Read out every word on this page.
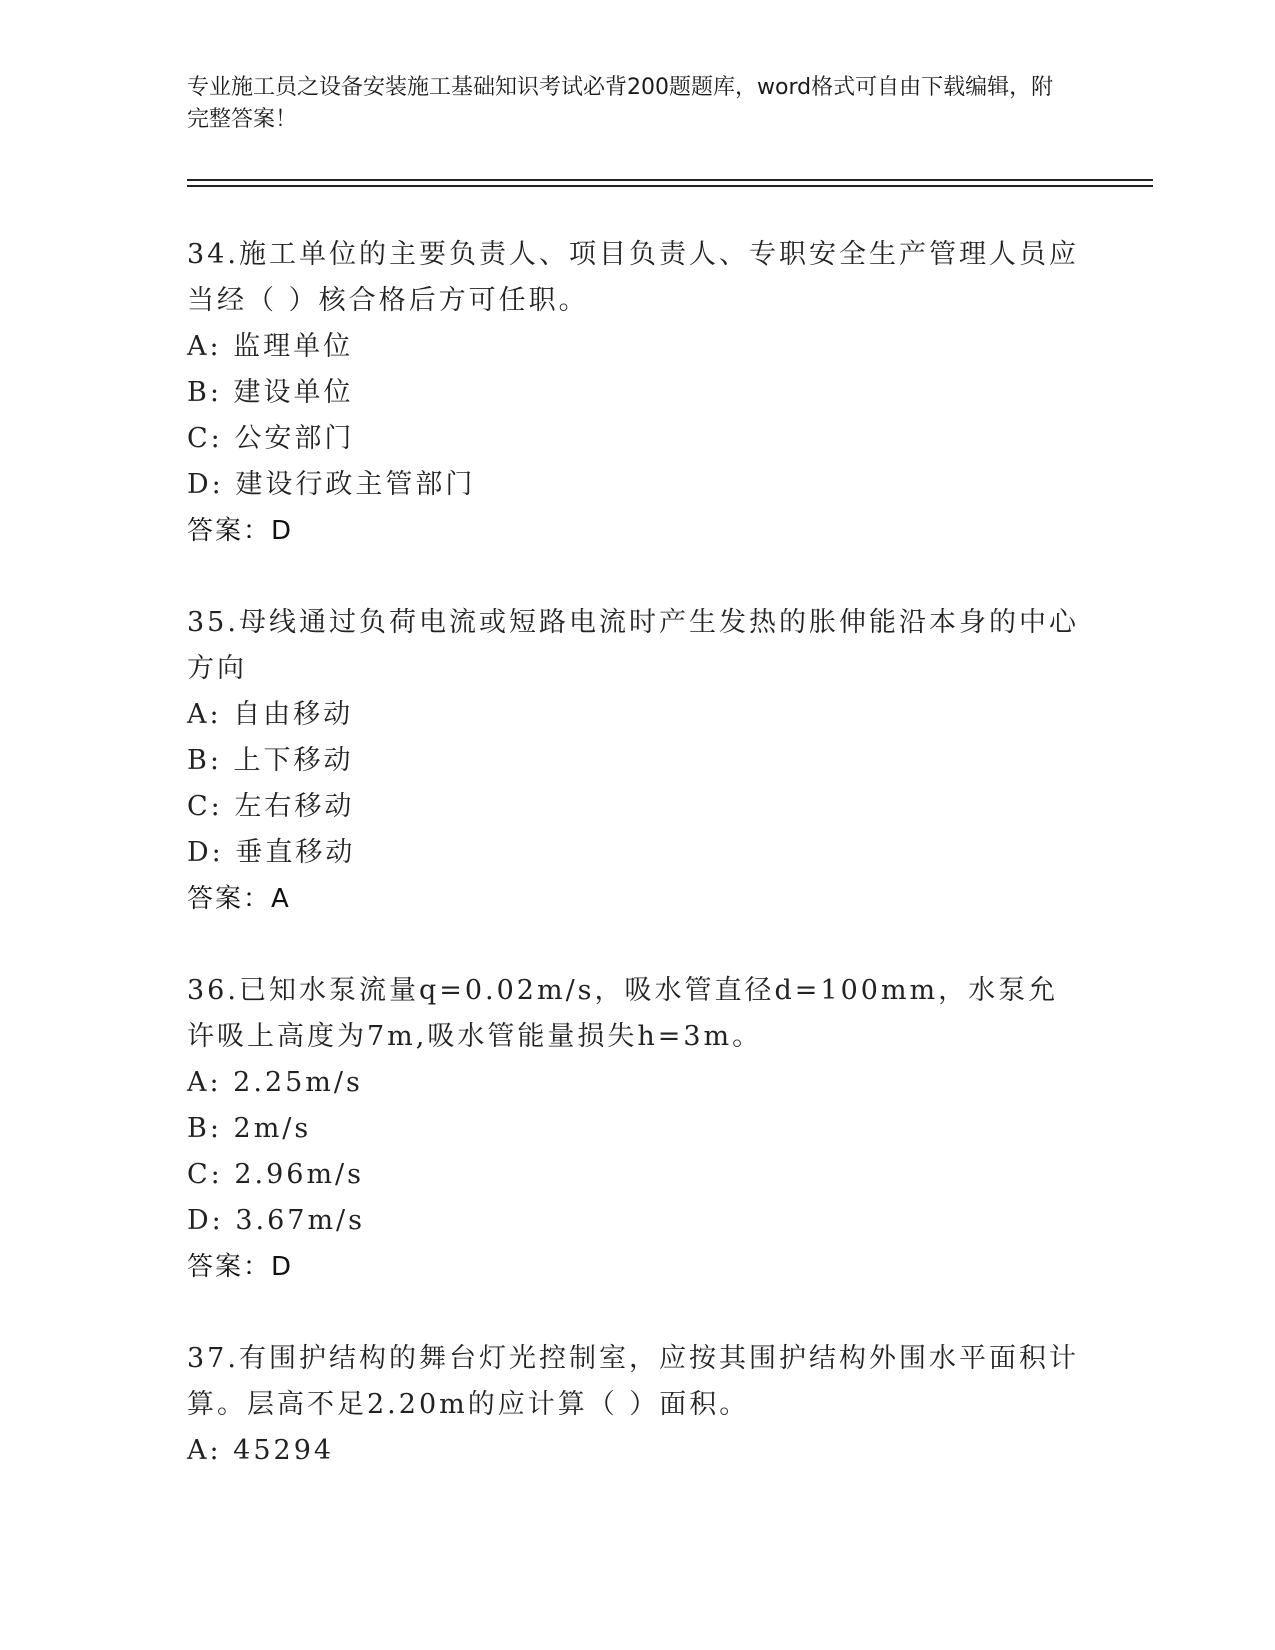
专业施工员之设备安装施工基础知识考试必背200题题库，word格式可自由下载编辑，附完整答案！

34.施工单位的主要负责人、项目负责人、专职安全生产管理人员应当经（ ）核合格后方可任职。

A: 监理单位

B: 建设单位

C: 公安部门

D: 建设行政主管部门

答案：D

35.母线通过负荷电流或短路电流时产生发热的胀伸能沿本身的中心方向

A: 自由移动

B: 上下移动

C: 左右移动

D: 垂直移动

答案：A

36.已知水泵流量q=0.02m/s，吸水管直径d=100mm，水泵允许吸上高度为7m,吸水管能量损失h=3m。

A: 2.25m/s

B: 2m/s

C: 2.96m/s

D: 3.67m/s

答案：D

37.有围护结构的舞台灯光控制室，应按其围护结构外围水平面积计算。层高不足2.20m的应计算（ ）面积。

A: 45294
